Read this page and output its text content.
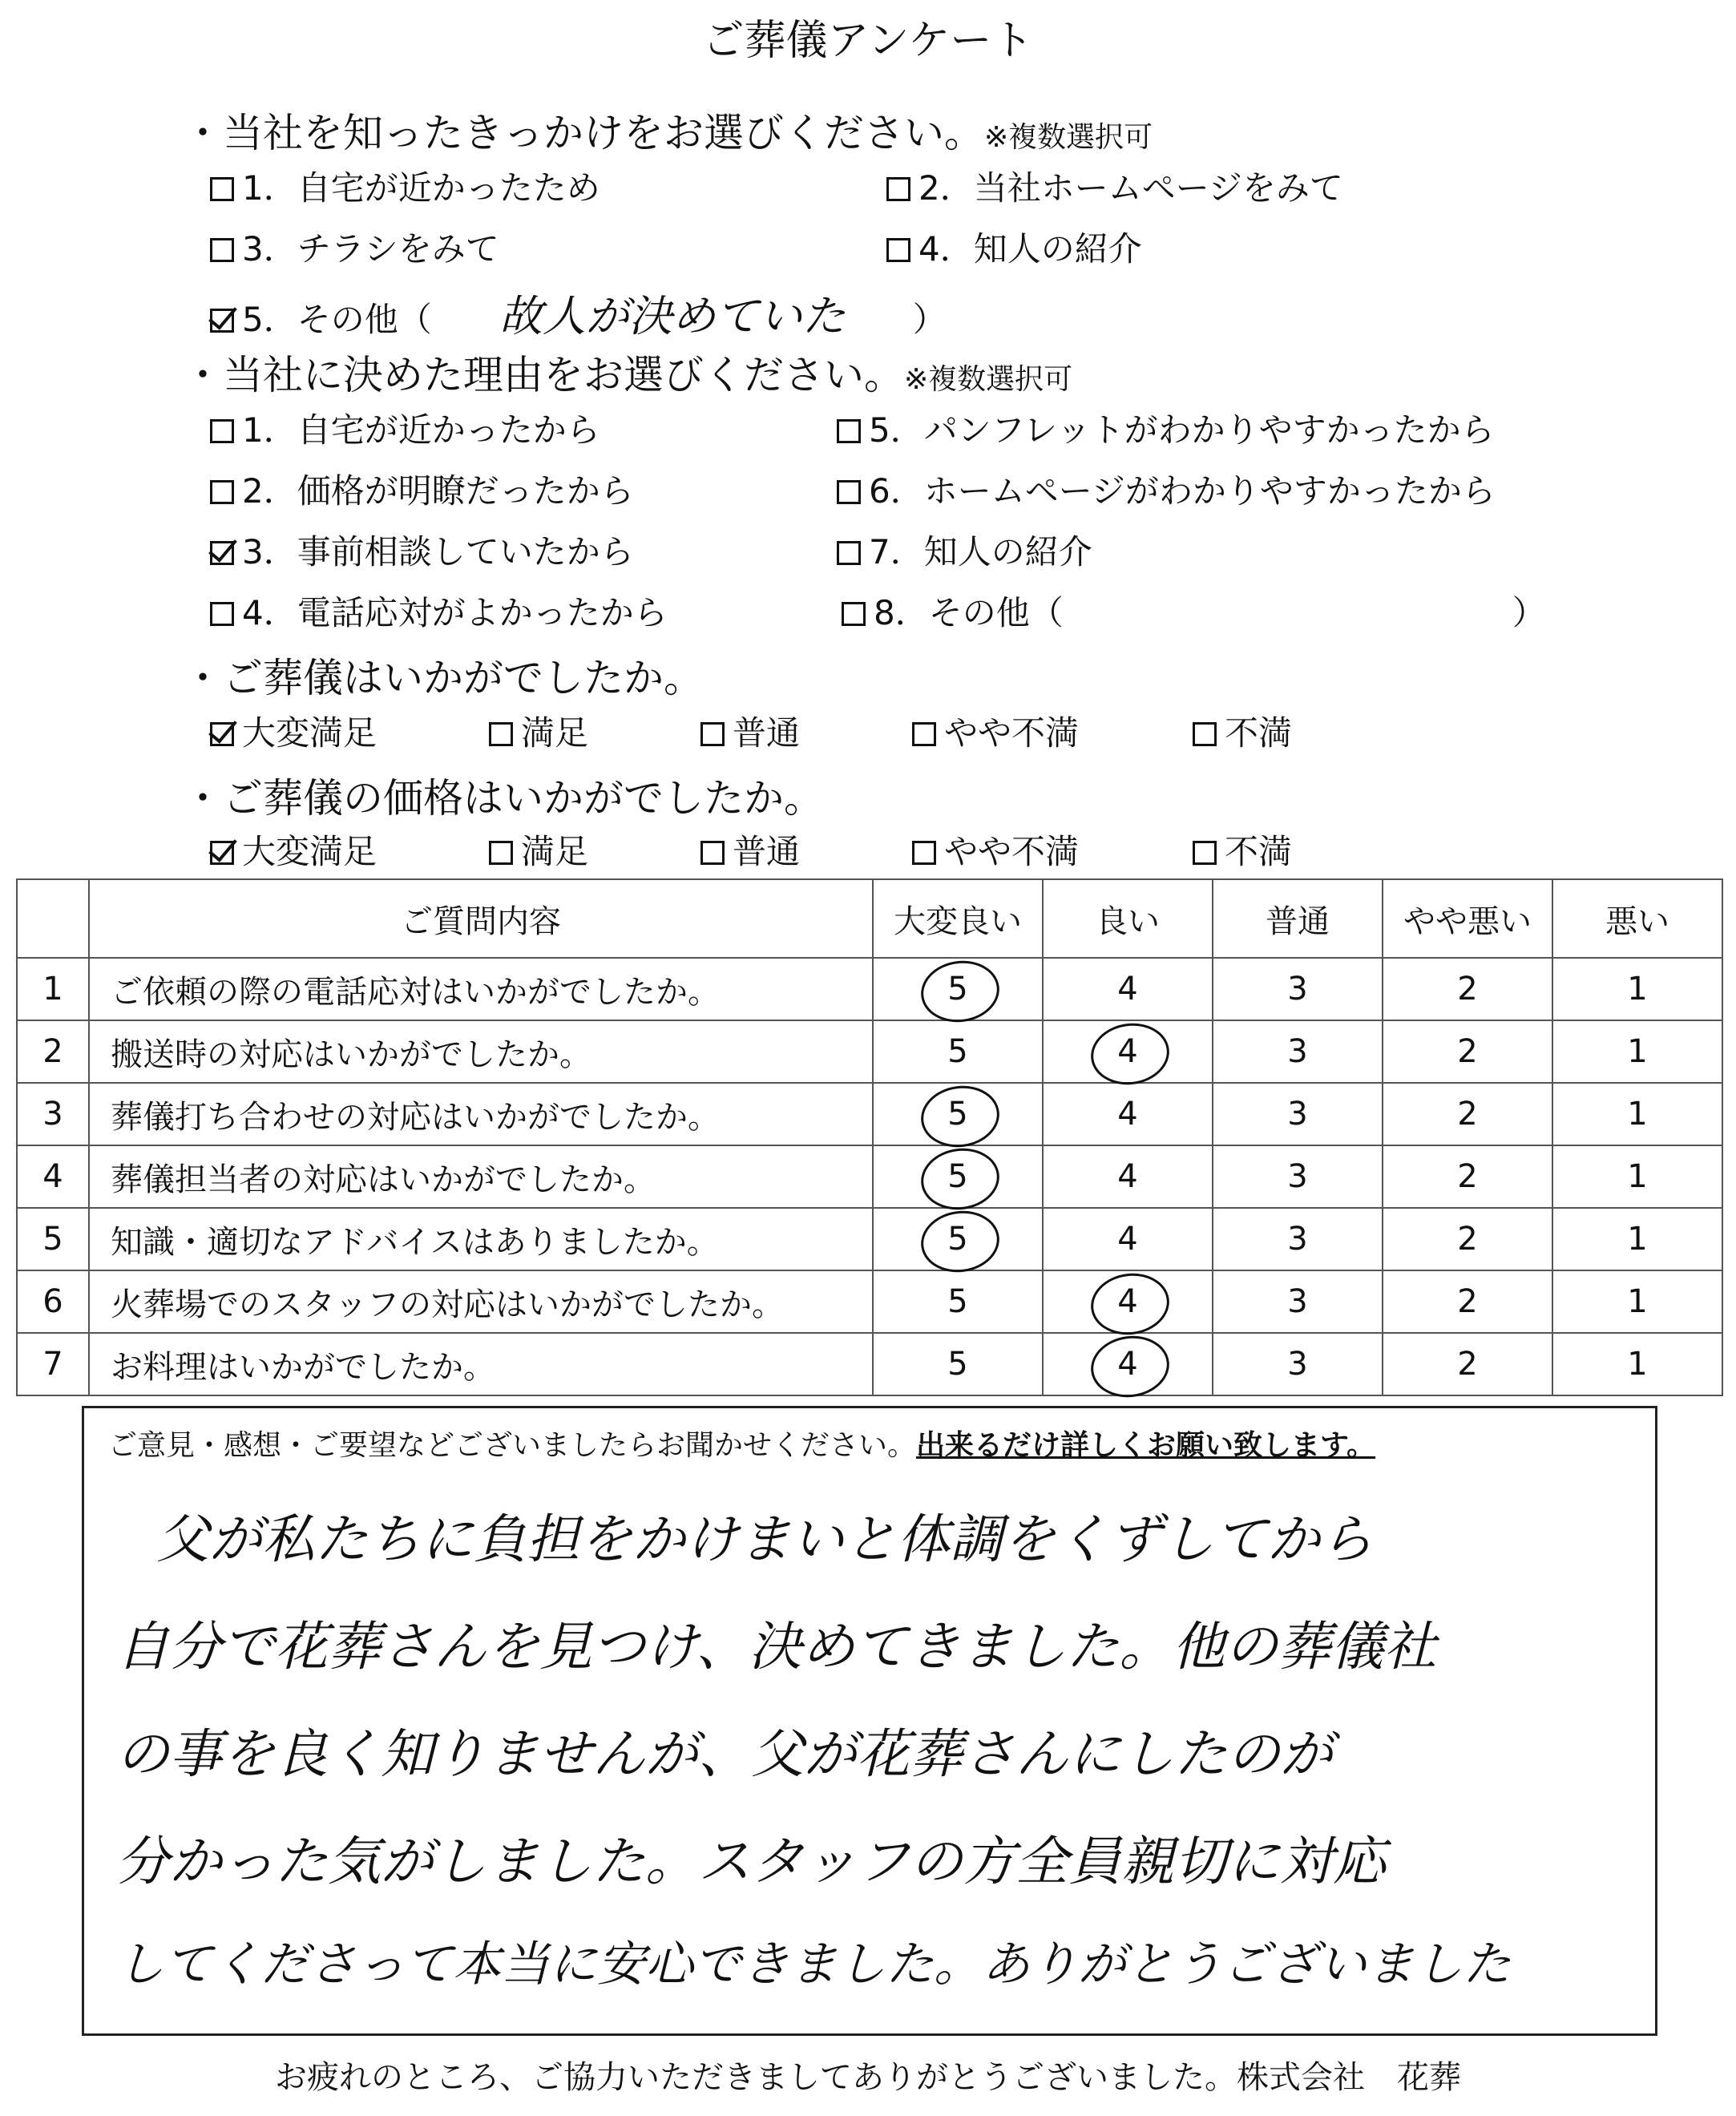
ご葬儀アンケート
・当社を知ったきっかけをお選びください。※複数選択可
1．自宅が近かったため	2．当社ホームページをみて
3．チラシをみて	4．知人の紹介
5．その他（ 故人が決めていた ）
・当社に決めた理由をお選びください。※複数選択可
1．自宅が近かったから	5．パンフレットがわかりやすかったから
2．価格が明瞭だったから	6．ホームページがわかりやすかったから
3．事前相談していたから	7．知人の紹介
4．電話応対がよかったから	8．その他（	）
・ご葬儀はいかがでしたか。
大変満足	満足	普通	やや不満	不満
・ご葬儀の価格はいかがでしたか。
大変満足	満足	普通	やや不満	不満
	ご質問内容	大変良い	良い	普通	やや悪い	悪い
1	ご依頼の際の電話応対はいかがでしたか。	5	4	3	2	1
2	搬送時の対応はいかがでしたか。	5	4	3	2	1
3	葬儀打ち合わせの対応はいかがでしたか。	5	4	3	2	1
4	葬儀担当者の対応はいかがでしたか。	5	4	3	2	1
5	知識・適切なアドバイスはありましたか。	5	4	3	2	1
6	火葬場でのスタッフの対応はいかがでしたか。	5	4	3	2	1
7	お料理はいかがでしたか。	5	4	3	2	1
ご意見・感想・ご要望などございましたらお聞かせください。出来るだけ詳しくお願い致します。
父が私たちに負担をかけまいと体調をくずしてから
自分で花葬さんを見つけ、決めてきました。他の葬儀社
の事を良く知りませんが、父が花葬さんにしたのが
分かった気がしました。スタッフの方全員親切に対応
してくださって本当に安心できました。ありがとうございました
お疲れのところ、ご協力いただきましてありがとうございました。株式会社　花葬
